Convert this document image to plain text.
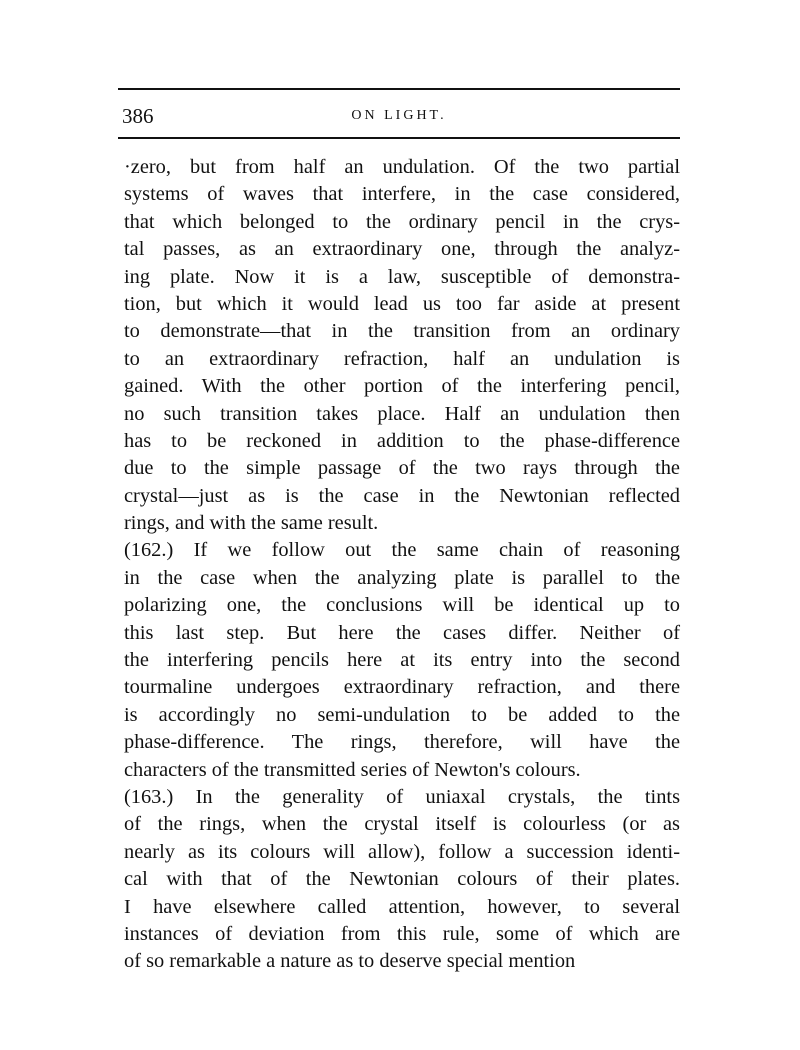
386	ON LIGHT.
·zero, but from half an undulation. Of the two partial
systems of waves that interfere, in the case considered,
that which belonged to the ordinary pencil in the crys-
tal passes, as an extraordinary one, through the analyz-
ing plate. Now it is a law, susceptible of demonstra-
tion, but which it would lead us too far aside at present
to demonstrate—that in the transition from an ordinary
to an extraordinary refraction, half an undulation is
gained. With the other portion of the interfering pencil,
no such transition takes place. Half an undulation then
has to be reckoned in addition to the phase-difference
due to the simple passage of the two rays through the
crystal—just as is the case in the Newtonian reflected
rings, and with the same result.
(162.) If we follow out the same chain of reasoning
in the case when the analyzing plate is parallel to the
polarizing one, the conclusions will be identical up to
this last step. But here the cases differ. Neither of
the interfering pencils here at its entry into the second
tourmaline undergoes extraordinary refraction, and there
is accordingly no semi-undulation to be added to the
phase-difference. The rings, therefore, will have the
characters of the transmitted series of Newton's colours.
(163.) In the generality of uniaxal crystals, the tints
of the rings, when the crystal itself is colourless (or as
nearly as its colours will allow), follow a succession identi-
cal with that of the Newtonian colours of their plates.
I have elsewhere called attention, however, to several
instances of deviation from this rule, some of which are
of so remarkable a nature as to deserve special mention
